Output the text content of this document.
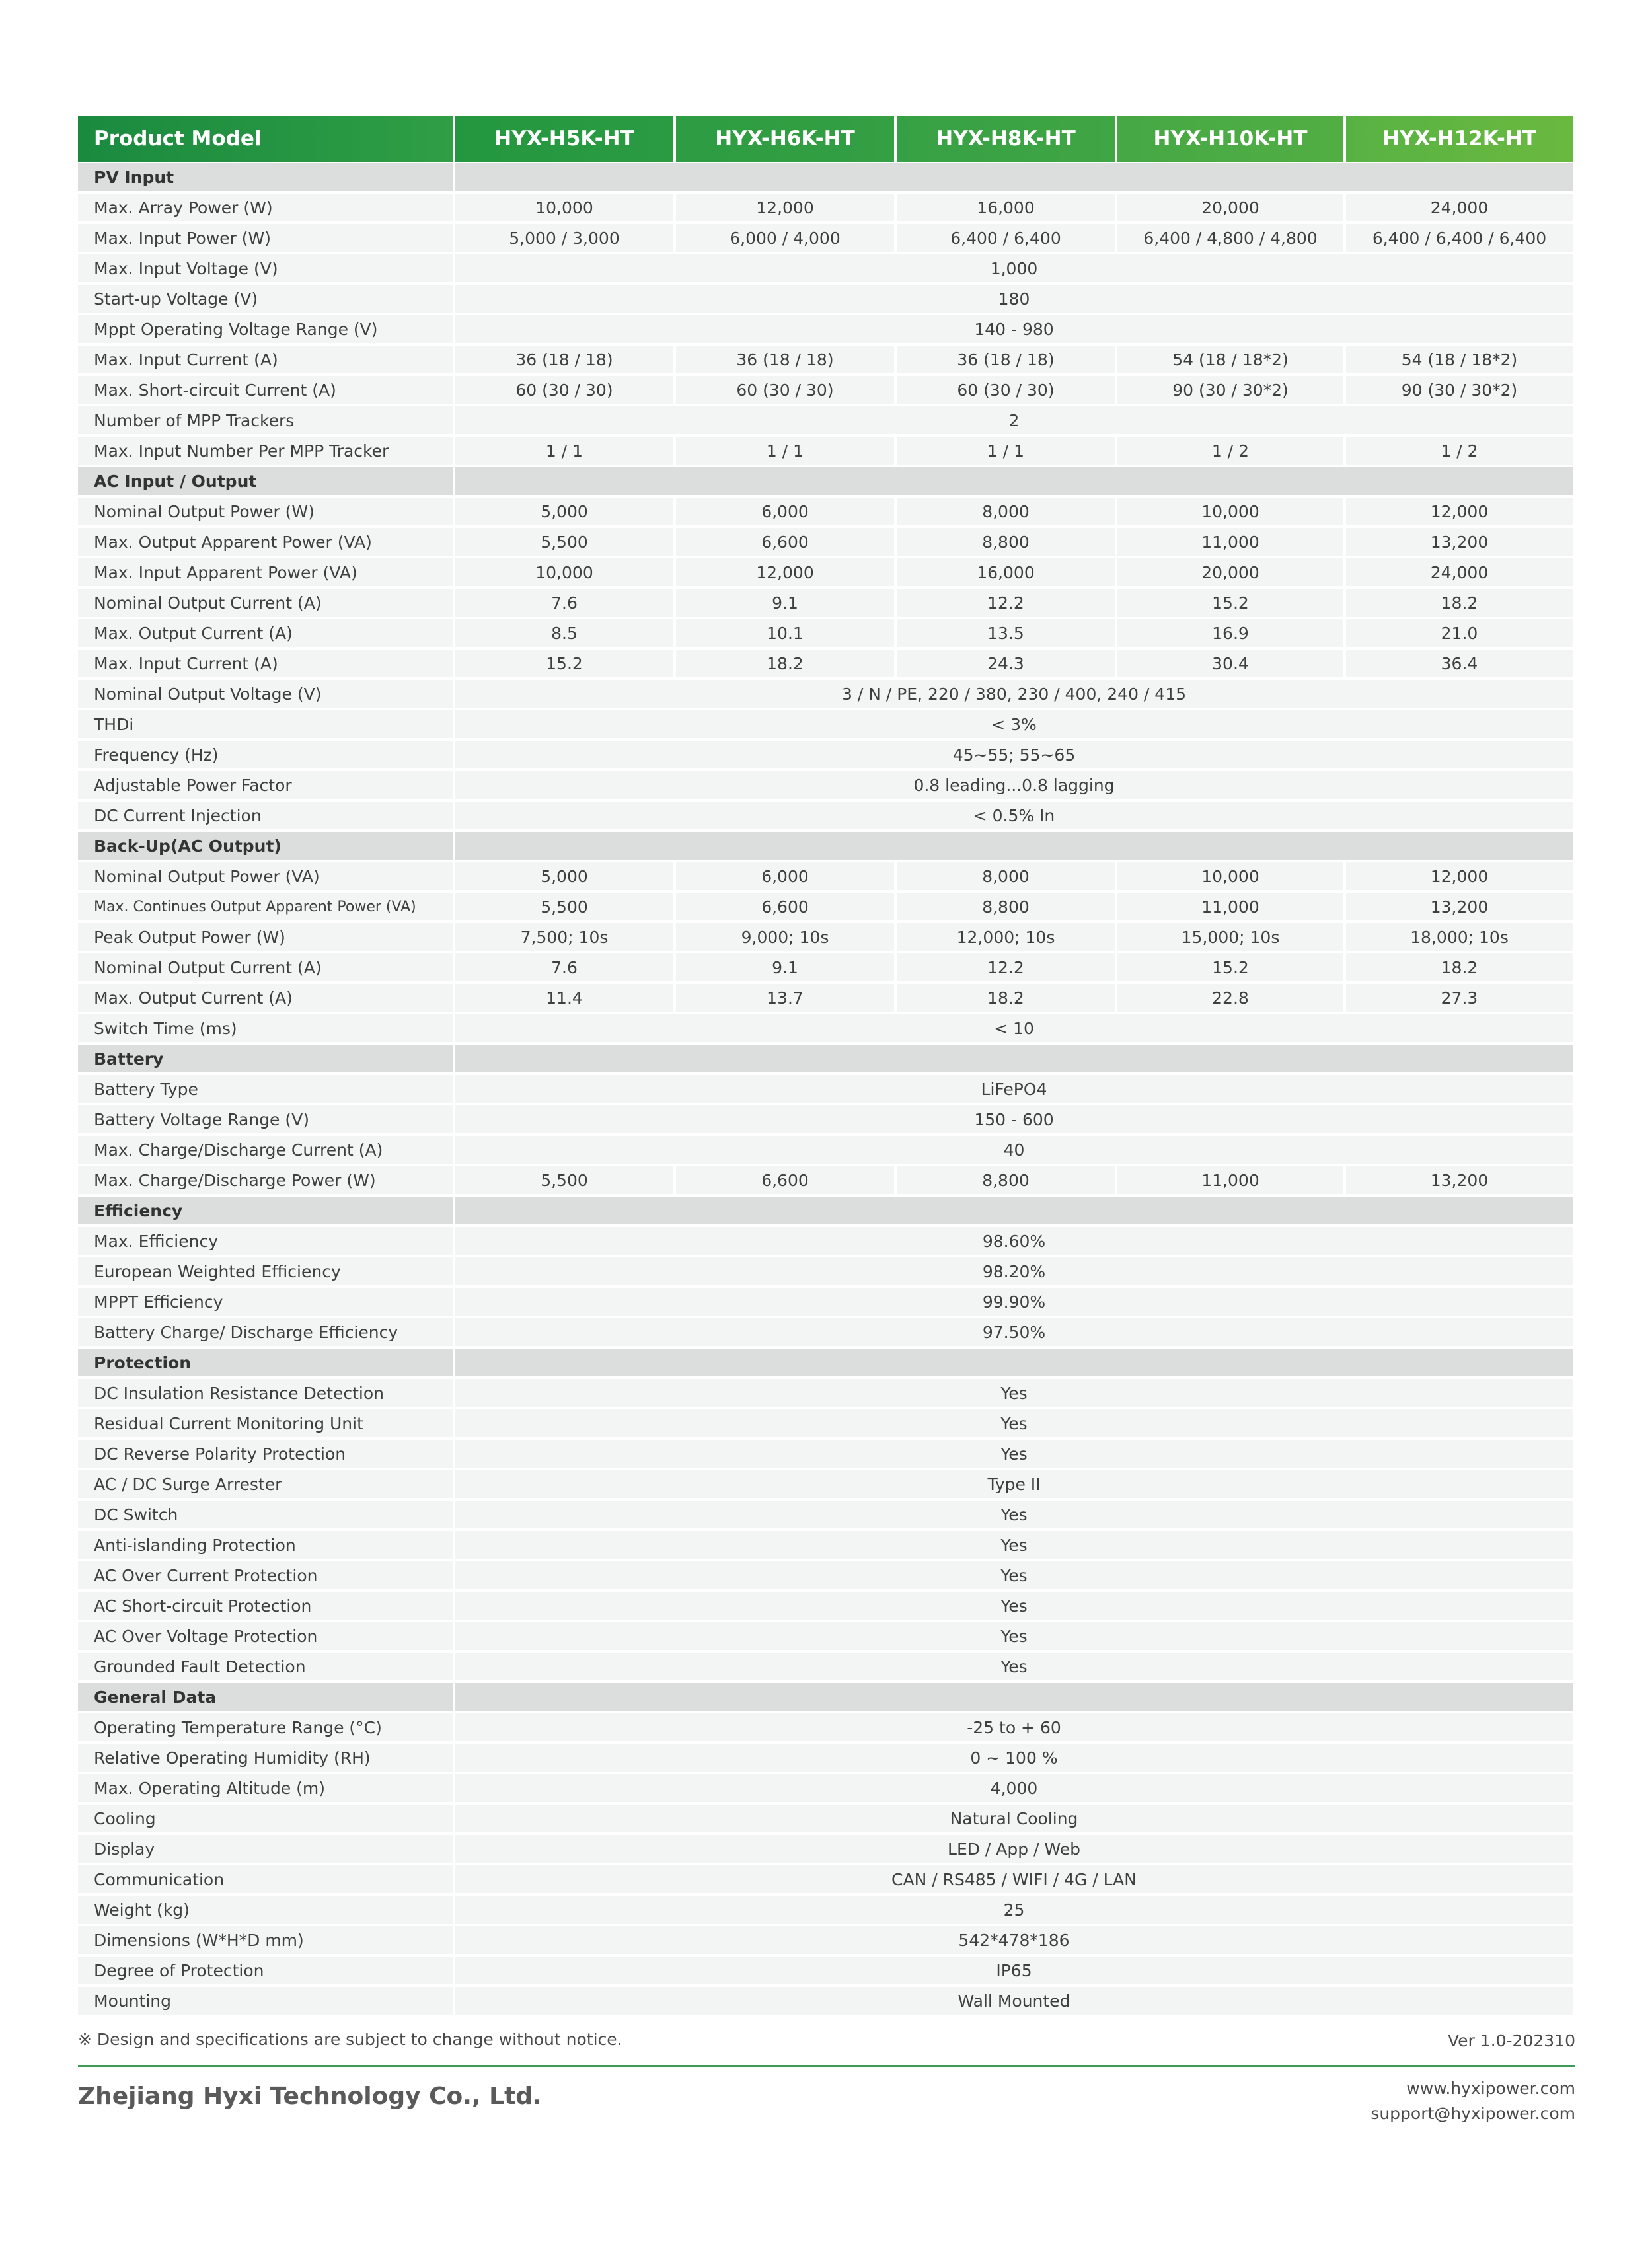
Product Model	HYX-H5K-HT	HYX-H6K-HT	HYX-H8K-HT	HYX-H10K-HT	HYX-H12K-HT
PV Input					
Max. Array Power (W)	10,000	12,000	16,000	20,000	24,000
Max. Input Power (W)	5,000 / 3,000	6,000 / 4,000	6,400 / 6,400	6,400 / 4,800 / 4,800	6,400 / 6,400 / 6,400
Max. Input Voltage (V)	1,000				
Start-up Voltage (V)	180				
Mppt Operating Voltage Range (V)	140 - 980				
Max. Input Current (A)	36 (18 / 18)	36 (18 / 18)	36 (18 / 18)	54 (18 / 18*2)	54 (18 / 18*2)
Max. Short-circuit Current (A)	60 (30 / 30)	60 (30 / 30)	60 (30 / 30)	90 (30 / 30*2)	90 (30 / 30*2)
Number of MPP Trackers	2				
Max. Input Number Per MPP Tracker	1 / 1	1 / 1	1 / 1	1 / 2	1 / 2
AC Input / Output					
Nominal Output Power (W)	5,000	6,000	8,000	10,000	12,000
Max. Output Apparent Power (VA)	5,500	6,600	8,800	11,000	13,200
Max. Input Apparent Power (VA)	10,000	12,000	16,000	20,000	24,000
Nominal Output Current (A)	7.6	9.1	12.2	15.2	18.2
Max. Output Current (A)	8.5	10.1	13.5	16.9	21.0
Max. Input Current (A)	15.2	18.2	24.3	30.4	36.4
Nominal Output Voltage (V)	3 / N / PE, 220 / 380, 230 / 400, 240 / 415				
THDi	< 3%				
Frequency (Hz)	45~55; 55~65				
Adjustable Power Factor	0.8 leading...0.8 lagging				
DC Current Injection	< 0.5% In				
Back-Up(AC Output)					
Nominal Output Power (VA)	5,000	6,000	8,000	10,000	12,000
Max. Continues Output Apparent Power (VA)	5,500	6,600	8,800	11,000	13,200
Peak Output Power (W)	7,500; 10s	9,000; 10s	12,000; 10s	15,000; 10s	18,000; 10s
Nominal Output Current (A)	7.6	9.1	12.2	15.2	18.2
Max. Output Current (A)	11.4	13.7	18.2	22.8	27.3
Switch Time (ms)	< 10				
Battery					
Battery Type	LiFePO4				
Battery Voltage Range (V)	150 - 600				
Max. Charge/Discharge Current (A)	40				
Max. Charge/Discharge Power (W)	5,500	6,600	8,800	11,000	13,200
Efficiency					
Max. Efficiency	98.60%				
European Weighted Efficiency	98.20%				
MPPT Efficiency	99.90%				
Battery Charge/ Discharge Efficiency	97.50%				
Protection					
DC Insulation Resistance Detection	Yes				
Residual Current Monitoring Unit	Yes				
DC Reverse Polarity Protection	Yes				
AC / DC Surge Arrester	Type II				
DC Switch	Yes				
Anti-islanding Protection	Yes				
AC Over Current Protection	Yes				
AC Short-circuit Protection	Yes				
AC Over Voltage Protection	Yes				
Grounded Fault Detection	Yes				
General Data					
Operating Temperature Range (°C)	-25 to + 60				
Relative Operating Humidity (RH)	0 ~ 100 %				
Max. Operating Altitude (m)	4,000				
Cooling	Natural Cooling				
Display	LED / App / Web				
Communication	CAN / RS485 / WIFI / 4G / LAN				
Weight (kg)	25				
Dimensions (W*H*D mm)	542*478*186				
Degree of Protection	IP65				
Mounting	Wall Mounted				
※ Design and specifications are subject to change without notice.	Ver 1.0-202310
Zhejiang Hyxi Technology Co., Ltd.	www.hyxipower.com
support@hyxipower.com
